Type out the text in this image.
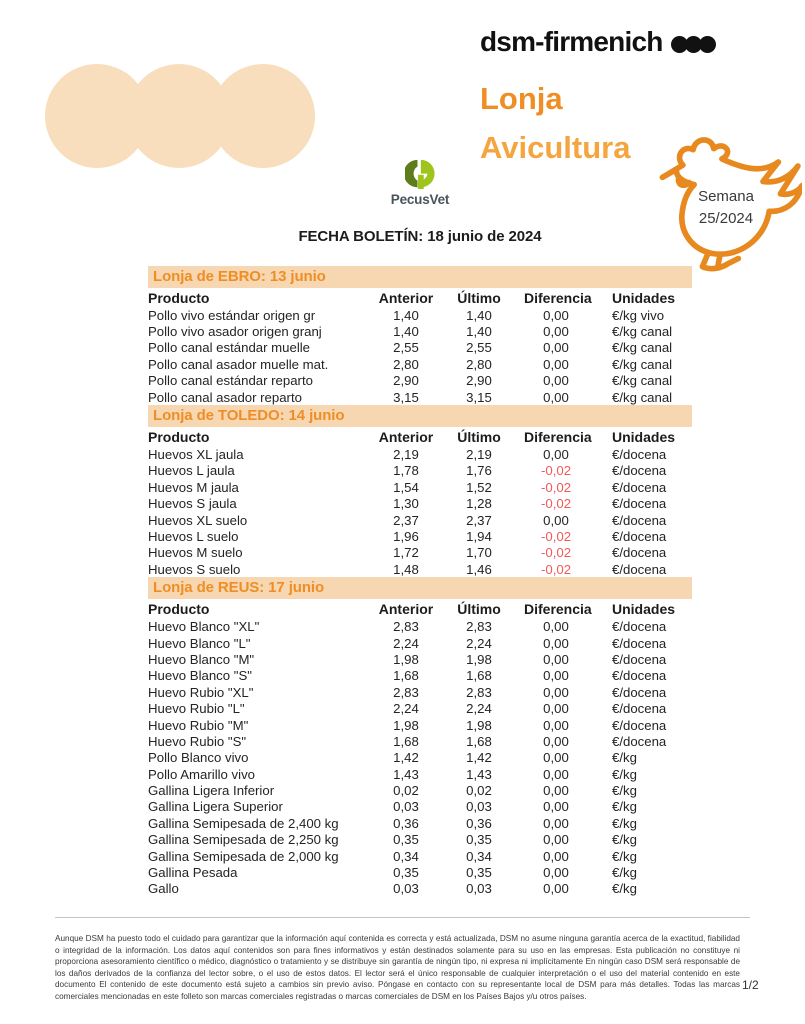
dsm-firmenich
Lonja
Avicultura
PecusVet
FECHA BOLETÍN: 18 junio de 2024
Semana
25/2024
Lonja de EBRO: 13 junio
Producto	Anterior	Último	Diferencia	Unidades
Pollo vivo estándar origen gr	1,40	1,40	0,00	€/kg vivo
Pollo vivo asador origen granj	1,40	1,40	0,00	€/kg canal
Pollo canal estándar muelle	2,55	2,55	0,00	€/kg canal
Pollo canal asador muelle mat.	2,80	2,80	0,00	€/kg canal
Pollo canal estándar reparto	2,90	2,90	0,00	€/kg canal
Pollo canal asador reparto	3,15	3,15	0,00	€/kg canal
Lonja de TOLEDO: 14 junio
Producto	Anterior	Último	Diferencia	Unidades
Huevos XL jaula	2,19	2,19	0,00	€/docena
Huevos L jaula	1,78	1,76	-0,02	€/docena
Huevos M jaula	1,54	1,52	-0,02	€/docena
Huevos S jaula	1,30	1,28	-0,02	€/docena
Huevos XL suelo	2,37	2,37	0,00	€/docena
Huevos L suelo	1,96	1,94	-0,02	€/docena
Huevos M suelo	1,72	1,70	-0,02	€/docena
Huevos S suelo	1,48	1,46	-0,02	€/docena
Lonja de REUS: 17 junio
Producto	Anterior	Último	Diferencia	Unidades
Huevo Blanco "XL"	2,83	2,83	0,00	€/docena
Huevo Blanco "L"	2,24	2,24	0,00	€/docena
Huevo Blanco "M"	1,98	1,98	0,00	€/docena
Huevo Blanco "S"	1,68	1,68	0,00	€/docena
Huevo Rubio "XL"	2,83	2,83	0,00	€/docena
Huevo Rubio "L"	2,24	2,24	0,00	€/docena
Huevo Rubio "M"	1,98	1,98	0,00	€/docena
Huevo Rubio "S"	1,68	1,68	0,00	€/docena
Pollo Blanco vivo	1,42	1,42	0,00	€/kg
Pollo Amarillo vivo	1,43	1,43	0,00	€/kg
Gallina Ligera Inferior	0,02	0,02	0,00	€/kg
Gallina Ligera Superior	0,03	0,03	0,00	€/kg
Gallina Semipesada de 2,400 kg	0,36	0,36	0,00	€/kg
Gallina Semipesada de 2,250 kg	0,35	0,35	0,00	€/kg
Gallina Semipesada de 2,000 kg	0,34	0,34	0,00	€/kg
Gallina Pesada	0,35	0,35	0,00	€/kg
Gallo	0,03	0,03	0,00	€/kg

Aunque DSM ha puesto todo el cuidado para garantizar que la información aquí contenida es correcta y está actualizada, DSM no asume ninguna garantía acerca de la exactitud, fiabilidad o integridad de la información. Los datos aquí contenidos son para fines informativos y están destinados solamente para su uso en las empresas. Esta publicación no constituye ni proporciona asesoramiento científico o médico, diagnóstico o tratamiento y se distribuye sin garantía de ningún tipo, ni expresa ni implícitamente En ningún caso DSM será responsable de los daños derivados de la confianza del lector sobre, o el uso de estos datos. El lector será el único responsable de cualquier interpretación o el uso del material contenido en este documento El contenido de este documento está sujeto a cambios sin previo aviso. Póngase en contacto con su representante local de DSM para más detalles. Todas las marcas comerciales mencionadas en este folleto son marcas comerciales registradas o marcas comerciales de DSM en los Países Bajos y/u otros países.

1/2
